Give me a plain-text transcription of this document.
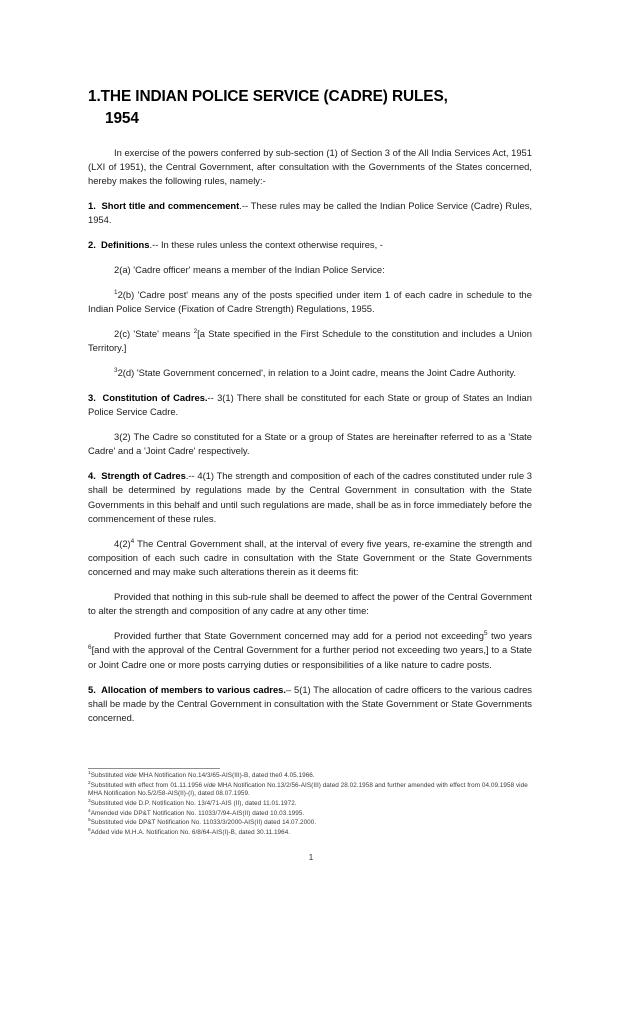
1.THE INDIAN POLICE SERVICE (CADRE) RULES,
1954

In exercise of the powers conferred by sub-section (1) of Section 3 of the All India Services Act, 1951 (LXI of 1951), the Central Government, after consultation with the Governments of the States concerned, hereby makes the following rules, namely:-

1.  Short title and commencement.-- These rules may be called the Indian Police Service (Cadre) Rules, 1954.

2.  Definitions.-- In these rules unless the context otherwise requires, -

2(a) 'Cadre officer' means a member of the Indian Police Service:

$^1$2(b) 'Cadre post' means any of the posts specified under item 1 of each cadre in schedule to the Indian Police Service (Fixation of Cadre Strength) Regulations, 1955.

2(c) 'State' means $^2$[a State specified in the First Schedule to the constitution and includes a Union Territory.]

$^3$2(d) 'State Government concerned', in relation to a Joint cadre, means the Joint Cadre Authority.

3.  Constitution of Cadres.-- 3(1) There shall be constituted for each State or group of States an Indian Police Service Cadre.

3(2) The Cadre so constituted for a State or a group of States are hereinafter referred to as a 'State Cadre' and a 'Joint Cadre' respectively.

4.  Strength of Cadres.-- 4(1) The strength and composition of each of the cadres constituted under rule 3 shall be determined by regulations made by the Central Government in consultation with the State Governments in this behalf and until such regulations are made, shall be as in force immediately before the commencement of these rules.

$4(2)^4$ The Central Government shall, at the interval of every five years, re-examine the strength and composition of each such cadre in consultation with the State Government or the State Governments concerned and may make such alterations therein as it deems fit:

Provided that nothing in this sub-rule shall be deemed to affect the power of the Central Government to alter the strength and composition of any cadre at any other time:

Provided further that State Government concerned may add for a period not exceeding$^5$ two years $^6$[and with the approval of the Central Government for a further period not exceeding two years,] to a State or Joint Cadre one or more posts carrying duties or responsibilities of a like nature to cadre posts.

5. Allocation of members to various cadres.– 5(1) The allocation of cadre officers to the various cadres shall be made by the Central Government in consultation with the State Government or State Governments concerned.

$^1$Substituted vide MHA Notification No.14/3/65-AIS(III)-B, dated the0 4.05.1966.

$^2$Substituted with effect from 01.11.1956 vide MHA Notification No.13/2/56-AIS(III) dated 28.02.1958 and further amended with effect from 04.09.1958 vide MHA Notification No.5/2/58-AIS(II)-(I), dated 08.07.1959.

$^3$Substituted vide D.P. Notification No. 13/4/71-AIS (II), dated 11.01.1972.

$^4$Amended vide DP&T Notification No. 11033/7/94-AIS(II) dated 10.03.1995.

$^5$Substituted vide DP&T Notification No. 11033/3/2000-AIS(II) dated 14.07.2000.

$^6$Added vide M.H.A. Notification No. 6/8/64-AIS(I)-B, dated 30.11.1964.

1
